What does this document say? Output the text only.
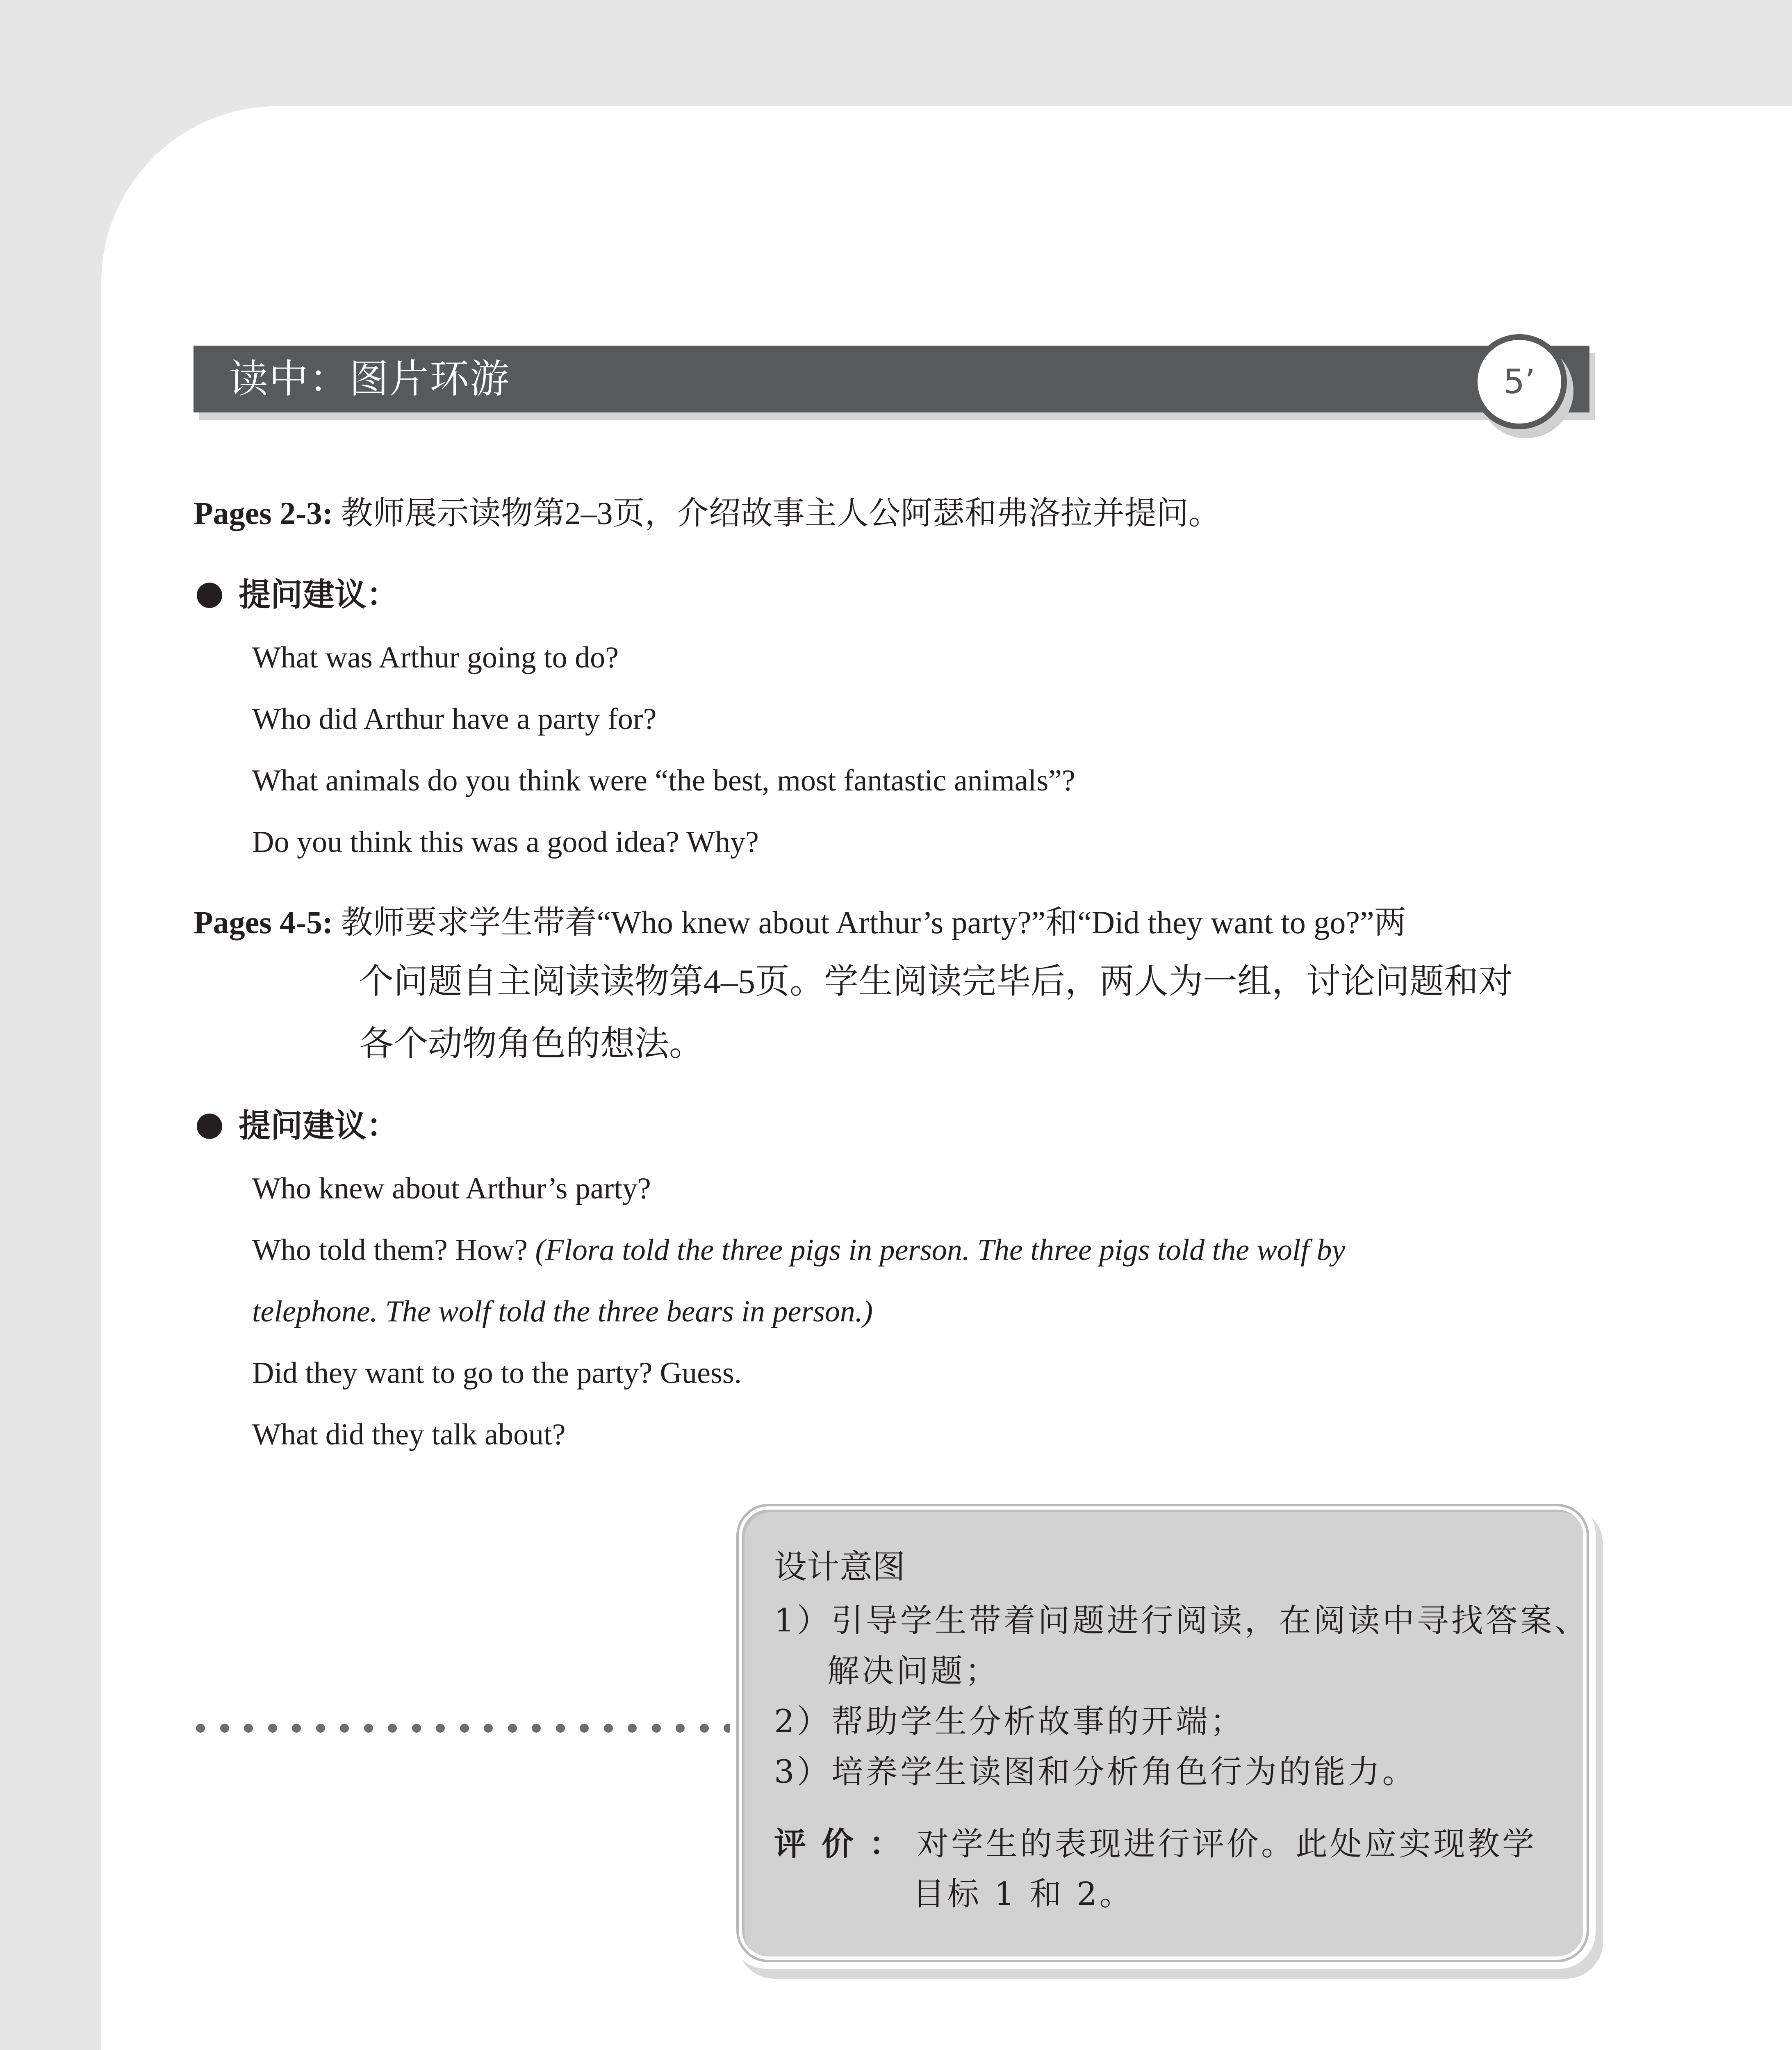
读中：图片环游	5’
Pages 2-3: 教师展示读物第2–3页，介绍故事主人公阿瑟和弗洛拉并提问。
提问建议：
What was Arthur going to do?
Who did Arthur have a party for?
What animals do you think were “the best, most fantastic animals”?
Do you think this was a good idea? Why?
Pages 4-5: 教师要求学生带着“Who knew about Arthur’s party?”和“Did they want to go?”两
个问题自主阅读读物第4–5页。学生阅读完毕后，两人为一组，讨论问题和对
各个动物角色的想法。
提问建议：
Who knew about Arthur’s party?
Who told them? How? (Flora told the three pigs in person. The three pigs told the wolf by
telephone. The wolf told the three bears in person.)
Did they want to go to the party? Guess.
What did they talk about?
设计意图
1）引导学生带着问题进行阅读，在阅读中寻找答案、
解决问题；
2）帮助学生分析故事的开端；
3）培养学生读图和分析角色行为的能力。
评价：对学生的表现进行评价。此处应实现教学
目标 1 和 2。
